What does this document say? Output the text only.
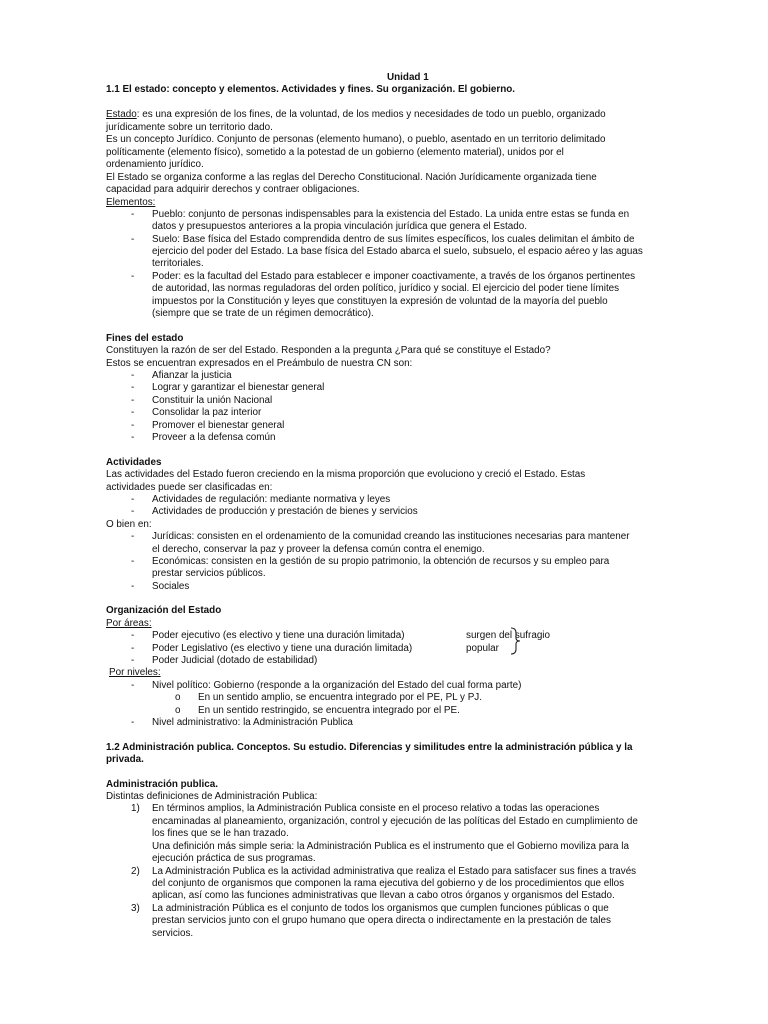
Unidad 1
1.1 El estado: concepto y elementos. Actividades y fines. Su organización. El gobierno.
Estado: es una expresión de los fines, de la voluntad, de los medios y necesidades de todo un pueblo, organizado
jurídicamente sobre un territorio dado.
Es un concepto Jurídico. Conjunto de personas (elemento humano), o pueblo, asentado en un territorio delimitado
políticamente (elemento físico), sometido a la potestad de un gobierno (elemento material), unidos por el
ordenamiento jurídico.
El Estado se organiza conforme a las reglas del Derecho Constitucional. Nación Jurídicamente organizada tiene
capacidad para adquirir derechos y contraer obligaciones.
Elementos:
- Pueblo: conjunto de personas indispensables para la existencia del Estado. La unida entre estas se funda en
datos y presupuestos anteriores a la propia vinculación jurídica que genera el Estado.
- Suelo: Base física del Estado comprendida dentro de sus límites específicos, los cuales delimitan el ámbito de
ejercicio del poder del Estado. La base física del Estado abarca el suelo, subsuelo, el espacio aéreo y las aguas
territoriales.
- Poder: es la facultad del Estado para establecer e imponer coactivamente, a través de los órganos pertinentes
de autoridad, las normas reguladoras del orden político, jurídico y social. El ejercicio del poder tiene límites
impuestos por la Constitución y leyes que constituyen la expresión de voluntad de la mayoría del pueblo
(siempre que se trate de un régimen democrático).
Fines del estado
Constituyen la razón de ser del Estado. Responden a la pregunta ¿Para qué se constituye el Estado?
Estos se encuentran expresados en el Preámbulo de nuestra CN son:
- Afianzar la justicia
- Lograr y garantizar el bienestar general
- Constituir la unión Nacional
- Consolidar la paz interior
- Promover el bienestar general
- Proveer a la defensa común
Actividades
Las actividades del Estado fueron creciendo en la misma proporción que evoluciono y creció el Estado. Estas
actividades puede ser clasificadas en:
- Actividades de regulación: mediante normativa y leyes
- Actividades de producción y prestación de bienes y servicios
O bien en:
- Jurídicas: consisten en el ordenamiento de la comunidad creando las instituciones necesarias para mantener
el derecho, conservar la paz y proveer la defensa común contra el enemigo.
- Económicas: consisten en la gestión de su propio patrimonio, la obtención de recursos y su empleo para
prestar servicios públicos.
- Sociales
Organización del Estado
Por áreas:
- Poder ejecutivo (es electivo y tiene una duración limitada)	surgen del sufragio
- Poder Legislativo (es electivo y tiene una duración limitada)	popular
- Poder Judicial (dotado de estabilidad)
Por niveles:
- Nivel político: Gobierno (responde a la organización del Estado del cual forma parte)
o En un sentido amplio, se encuentra integrado por el PE, PL y PJ.
o En un sentido restringido, se encuentra integrado por el PE.
- Nivel administrativo: la Administración Publica
1.2 Administración publica. Conceptos. Su estudio. Diferencias y similitudes entre la administración pública y la
privada.
Administración publica.
Distintas definiciones de Administración Publica:
1) En términos amplios, la Administración Publica consiste en el proceso relativo a todas las operaciones
encaminadas al planeamiento, organización, control y ejecución de las políticas del Estado en cumplimiento de
los fines que se le han trazado.
Una definición más simple seria: la Administración Publica es el instrumento que el Gobierno moviliza para la
ejecución práctica de sus programas.
2) La Administración Publica es la actividad administrativa que realiza el Estado para satisfacer sus fines a través
del conjunto de organismos que componen la rama ejecutiva del gobierno y de los procedimientos que ellos
aplican, así como las funciones administrativas que llevan a cabo otros órganos y organismos del Estado.
3) La administración Pública es el conjunto de todos los organismos que cumplen funciones públicas o que
prestan servicios junto con el grupo humano que opera directa o indirectamente en la prestación de tales
servicios.
